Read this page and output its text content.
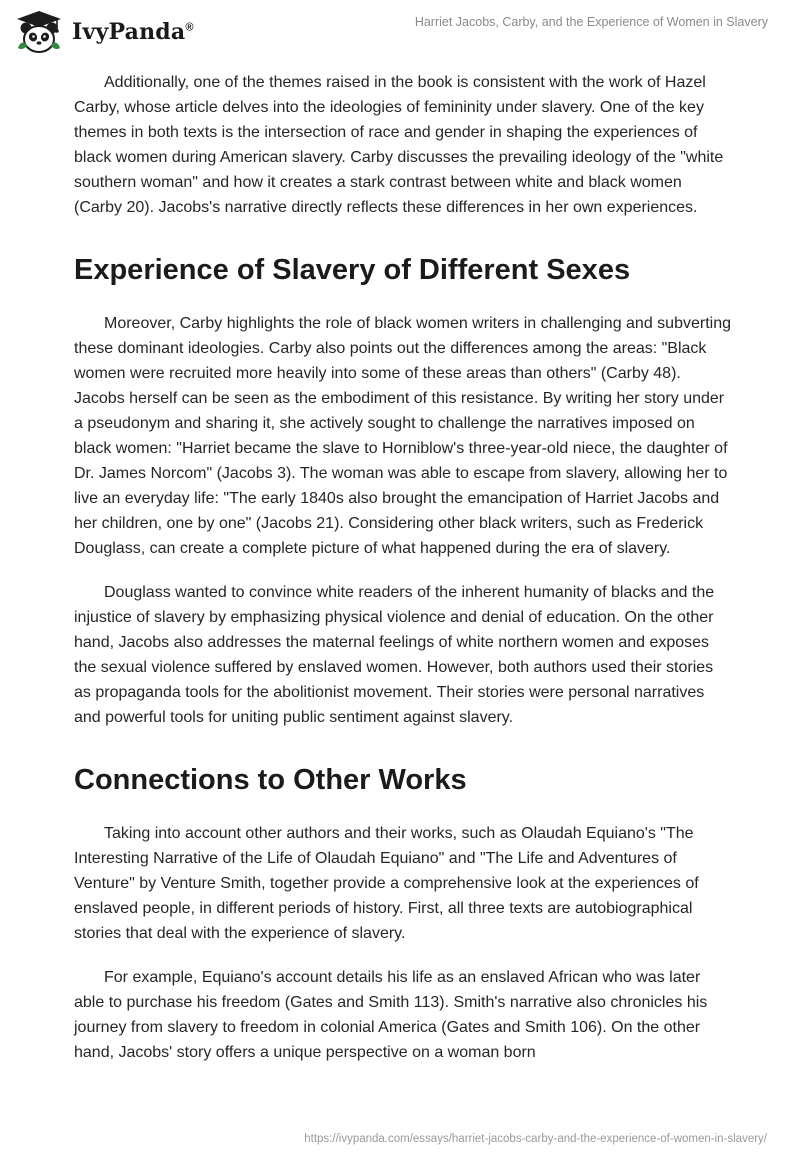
IvyPanda®	Harriet Jacobs, Carby, and the Experience of Women in Slavery

Additionally, one of the themes raised in the book is consistent with the work of Hazel Carby, whose article delves into the ideologies of femininity under slavery. One of the key themes in both texts is the intersection of race and gender in shaping the experiences of black women during American slavery. Carby discusses the prevailing ideology of the "white southern woman" and how it creates a stark contrast between white and black women (Carby 20). Jacobs's narrative directly reflects these differences in her own experiences.

Experience of Slavery of Different Sexes

Moreover, Carby highlights the role of black women writers in challenging and subverting these dominant ideologies. Carby also points out the differences among the areas: "Black women were recruited more heavily into some of these areas than others" (Carby 48). Jacobs herself can be seen as the embodiment of this resistance. By writing her story under a pseudonym and sharing it, she actively sought to challenge the narratives imposed on black women: "Harriet became the slave to Horniblow's three-year-old niece, the daughter of Dr. James Norcom" (Jacobs 3). The woman was able to escape from slavery, allowing her to live an everyday life: "The early 1840s also brought the emancipation of Harriet Jacobs and her children, one by one" (Jacobs 21). Considering other black writers, such as Frederick Douglass, can create a complete picture of what happened during the era of slavery.

Douglass wanted to convince white readers of the inherent humanity of blacks and the injustice of slavery by emphasizing physical violence and denial of education. On the other hand, Jacobs also addresses the maternal feelings of white northern women and exposes the sexual violence suffered by enslaved women. However, both authors used their stories as propaganda tools for the abolitionist movement. Their stories were personal narratives and powerful tools for uniting public sentiment against slavery.

Connections to Other Works

Taking into account other authors and their works, such as Olaudah Equiano's "The Interesting Narrative of the Life of Olaudah Equiano" and "The Life and Adventures of Venture" by Venture Smith, together provide a comprehensive look at the experiences of enslaved people, in different periods of history. First, all three texts are autobiographical stories that deal with the experience of slavery.

For example, Equiano's account details his life as an enslaved African who was later able to purchase his freedom (Gates and Smith 113). Smith's narrative also chronicles his journey from slavery to freedom in colonial America (Gates and Smith 106). On the other hand, Jacobs' story offers a unique perspective on a woman born

https://ivypanda.com/essays/harriet-jacobs-carby-and-the-experience-of-women-in-slavery/
